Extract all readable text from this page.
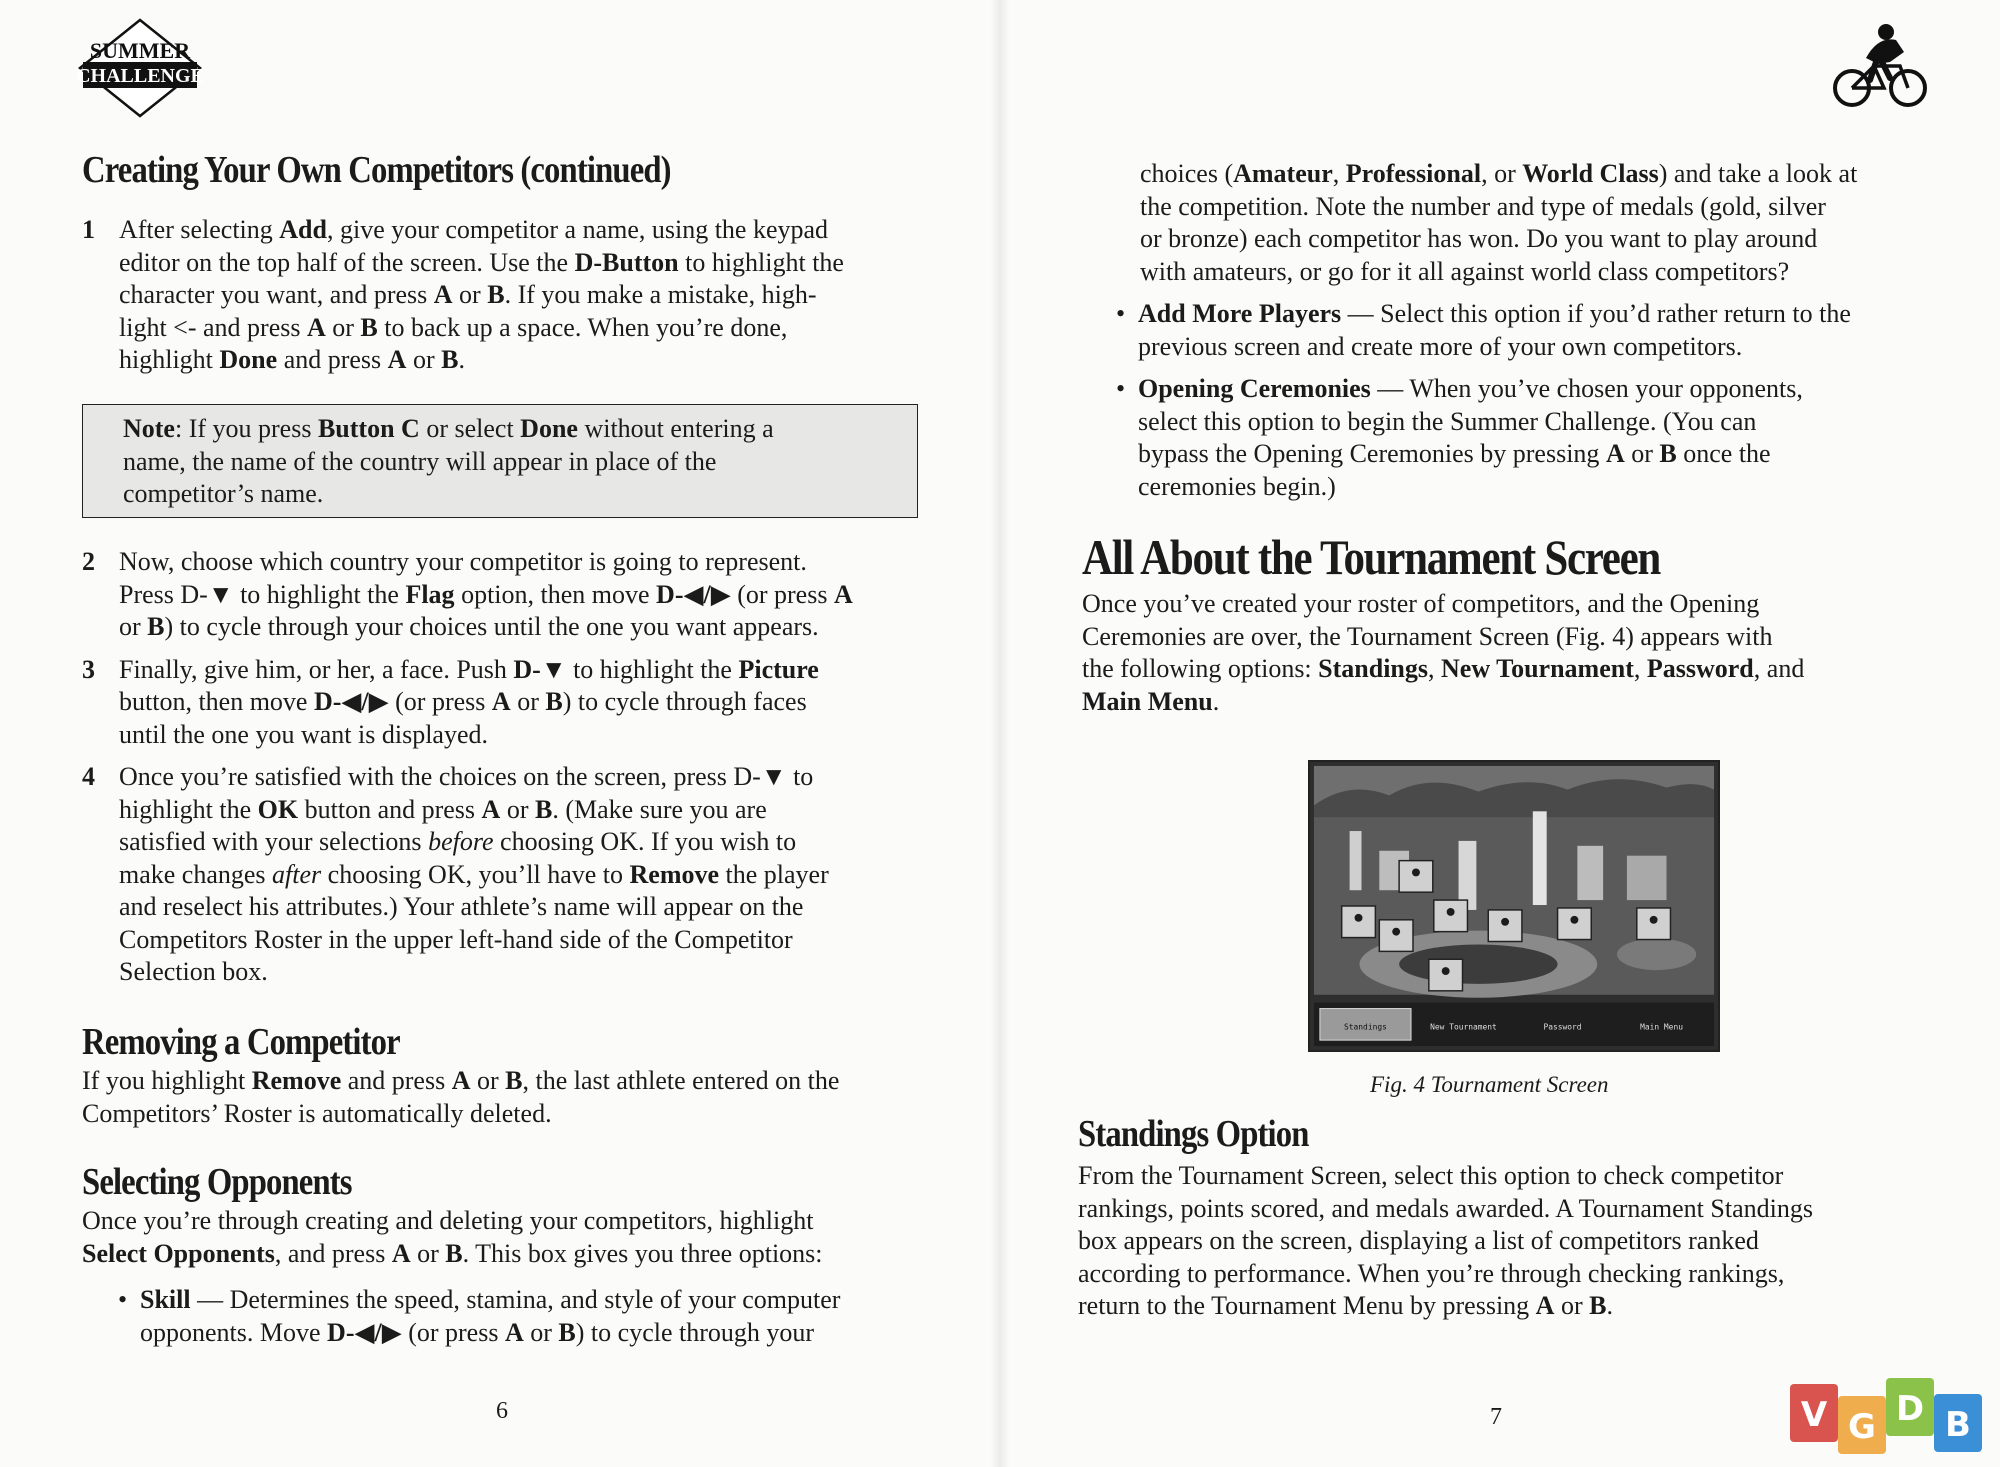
SUMMER
CHALLENGE
Creating Your Own Competitors (continued)
1 After selecting Add, give your competitor a name, using the keypad
editor on the top half of the screen. Use the D-Button to highlight the
character you want, and press A or B. If you make a mistake, high-
light <- and press A or B to back up a space. When you’re done,
highlight Done and press A or B.

Note: If you press Button C or select Done without entering a
name, the name of the country will appear in place of the
competitor’s name.

2 Now, choose which country your competitor is going to represent.
Press D-▼ to highlight the Flag option, then move D-◀/▶ (or press A
or B) to cycle through your choices until the one you want appears.
3 Finally, give him, or her, a face. Push D-▼ to highlight the Picture
button, then move D-◀/▶ (or press A or B) to cycle through faces
until the one you want is displayed.
4 Once you’re satisfied with the choices on the screen, press D-▼ to
highlight the OK button and press A or B. (Make sure you are
satisfied with your selections before choosing OK. If you wish to
make changes after choosing OK, you’ll have to Remove the player
and reselect his attributes.) Your athlete’s name will appear on the
Competitors Roster in the upper left-hand side of the Competitor
Selection box.
Removing a Competitor

If you highlight Remove and press A or B, the last athlete entered on the
Competitors’ Roster is automatically deleted.

Selecting Opponents

Once you’re through creating and deleting your competitors, highlight
Select Opponents, and press A or B. This box gives you three options:

• Skill — Determines the speed, stamina, and style of your computer
opponents. Move D-◀/▶ (or press A or B) to cycle through your
6

choices (Amateur, Professional, or World Class) and take a look at
the competition. Note the number and type of medals (gold, silver
or bronze) each competitor has won. Do you want to play around
with amateurs, or go for it all against world class competitors?

• Add More Players — Select this option if you’d rather return to the
previous screen and create more of your own competitors.
• Opening Ceremonies — When you’ve chosen your opponents,
select this option to begin the Summer Challenge. (You can
bypass the Opening Ceremonies by pressing A or B once the
ceremonies begin.)
All About the Tournament Screen

Once you’ve created your roster of competitors, and the Opening
Ceremonies are over, the Tournament Screen (Fig. 4) appears with
the following options: Standings, New Tournament, Password, and
Main Menu.

Standings	New Tournament	Password	Main Menu
Fig. 4 Tournament Screen
Standings Option

From the Tournament Screen, select this option to check competitor
rankings, points scored, and medals awarded. A Tournament Standings
box appears on the screen, displaying a list of competitors ranked
according to performance. When you’re through checking rankings,
return to the Tournament Menu by pressing A or B.

7	V G D B
